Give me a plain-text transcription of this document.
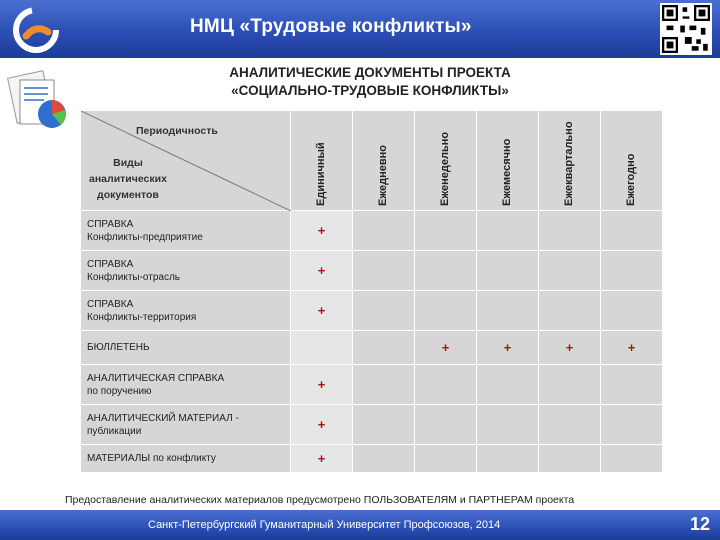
НМЦ «Трудовые конфликты»
АНАЛИТИЧЕСКИЕ ДОКУМЕНТЫ ПРОЕКТА
«СОЦИАЛЬНО-ТРУДОВЫЕ КОНФЛИКТЫ»
Периодичность
Виды
аналитических
документов	Единичный	Ежедневно	Еженедельно	Ежемесячно	Ежеквартально	Ежегодно

СПРАВКА
Конфликты-предприятие	+					

СПРАВКА
Конфликты-отрасль	+					

СПРАВКА
Конфликты-территория	+					

БЮЛЛЕТЕНЬ			+	+	+	+

АНАЛИТИЧЕСКАЯ СПРАВКА
по поручению	+					

АНАЛИТИЧЕСКИЙ МАТЕРИАЛ -
публикации	+					

МАТЕРИАЛЫ по конфликту	+					
Предоставление аналитических материалов предусмотрено ПОЛЬЗОВАТЕЛЯМ и ПАРТНЕРАМ проекта
Санкт-Петербургский Гуманитарный Университет Профсоюзов, 2014	12
